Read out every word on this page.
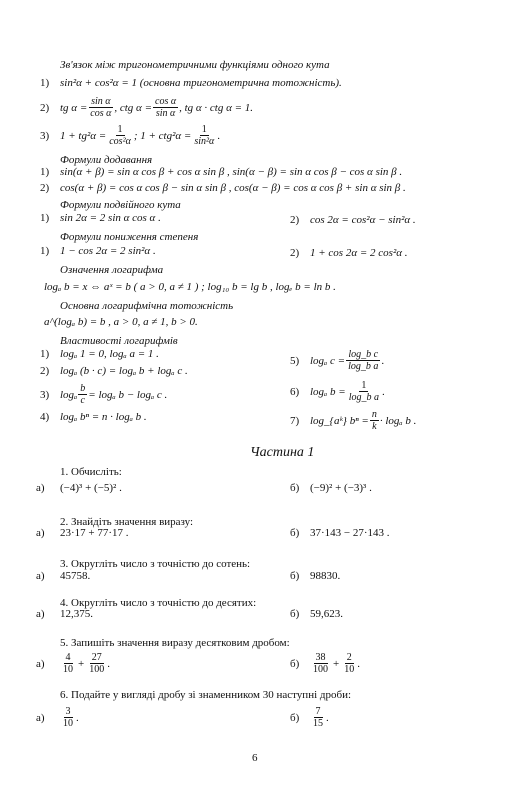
Зв'язок між тригонометричними функціями одного кута
1) sin²α + cos²α = 1 (основна тригонометрична тотожність).
2) tg $\alpha = \frac{\text{sin α}}{\text{cos α}}$ , ctg $\alpha = \frac{\text{cos α}}{\text{sin α}}$ , tg α · ctg α = 1.
3) $1 + tg^2\alpha = \frac{1}{\text{cos²α}}$ ; $1 + ctg^2\alpha = \frac{1}{\text{sin²α}}$ .
Формули додавання
1) sin(α + β) = sin α cos β + cos α sin β , sin(α − β) = sin α cos β − cos α sin β .
2) cos(α + β) = cos α cos β − sin α sin β , cos(α − β) = cos α cos β + sin α sin β .
Формули подвійного кута
1) sin 2α = 2 sin α cos α .	2) cos 2α = cos²α − sin²α .
Формули пониження степеня
1) 1 − cos 2α = 2 sin²α .	2) 1 + cos 2α = 2 cos²α .
Означення логарифма
logₐ b = x ⇔ aˣ = b ( a > 0, a ≠ 1 ) ; log₁₀ b = lg b , logₑ b = ln b .
Основна логарифмічна тотожність
a^(logₐ b) = b , a > 0, a ≠ 1, b > 0.
Властивості логарифмів
1) logₐ 1 = 0, logₐ a = 1 .
2) logₐ (b · c) = logₐ b + logₐ c .
3) logₐ $\frac{b}{c} = \log_a$ b − logₐ c .
4) logₐ bⁿ = n · logₐ b .
5) logₐ $c = \frac{\text{log\_b c}}{\text{log\_b a}}$ .
6) logₐ $b = \frac{1}{\text{log\_b a}}$ .
7) log_{aᵏ} $b^n = \frac{n}{k} \cdot \log_a$ b .
Частина 1
1. Обчисліть:
а) (−4)³ + (−5)² .	б) (−9)² + (−3)³ .
2. Знайдіть значення виразу:
а) 23·17 + 77·17 .	б) 37·143 − 27·143 .
3. Округліть число з точністю до сотень:
а) 45758.	б) 98830.
4. Округліть число з точністю до десятих:
а) 12,375.	б) 59,623.
5. Запишіть значення виразу десятковим дробом:
а)	$\frac{4}{10} + \frac{27}{100}$ .	б)	$\frac{38}{100} + \frac{2}{10}$ .
6. Подайте у вигляді дробу зі знаменником 30 наступні дроби:
а)	$\frac{3}{10}$ .	б)	$\frac{7}{15}$ .
6
